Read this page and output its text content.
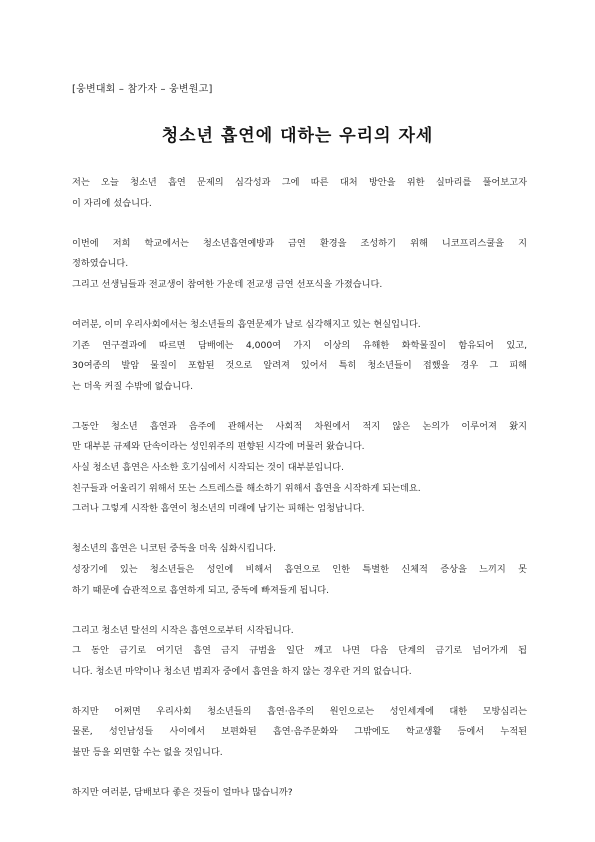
[웅변대회 – 참가자 – 웅변원고]
청소년 흡연에 대하는 우리의 자세
저는 오늘 청소년 흡연 문제의 심각성과 그에 따른 대처 방안을 위한 실마리를 풀어보고자
이 자리에 섰습니다.
이번에 저희 학교에서는 청소년흡연예방과 금연 환경을 조성하기 위해 니코프리스쿨을 지
정하였습니다.
그리고 선생님들과 전교생이 참여한 가운데 전교생 금연 선포식을 가졌습니다.
여러분, 이미 우리사회에서는 청소년들의 흡연문제가 날로 심각해지고 있는 현실입니다.
기존 연구결과에 따르면 담배에는 4,000여 가지 이상의 유해한 화학물질이 함유되어 있고,
30여종의 발암 물질이 포함된 것으로 알려져 있어서 특히 청소년들이 접했을 경우 그 피해
는 더욱 커질 수밖에 없습니다.
그동안 청소년 흡연과 음주에 관해서는 사회적 차원에서 적지 않은 논의가 이루어져 왔지
만 대부분 규제와 단속이라는 성인위주의 편향된 시각에 머물러 왔습니다.
사실 청소년 흡연은 사소한 호기심에서 시작되는 것이 대부분입니다.
친구들과 어울리기 위해서 또는 스트레스를 해소하기 위해서 흡연을 시작하게 되는데요.
그러나 그렇게 시작한 흡연이 청소년의 미래에 남기는 피해는 엄청납니다.
청소년의 흡연은 니코틴 중독을 더욱 심화시킵니다.
성장기에 있는 청소년들은 성인에 비해서 흡연으로 인한 특별한 신체적 증상을 느끼지 못
하기 때문에 습관적으로 흡연하게 되고, 중독에 빠져들게 됩니다.
그리고 청소년 탈선의 시작은 흡연으로부터 시작됩니다.
그 동안 금기로 여기던 흡연 금지 규범을 일단 깨고 나면 다음 단계의 금기로 넘어가게 됩
니다. 청소년 마약이나 청소년 범죄자 중에서 흡연을 하지 않는 경우란 거의 없습니다.
하지만 어쩌면 우리사회 청소년들의 흡연·음주의 원인으로는 성인세계에 대한 모방심리는
물론, 성인남성들 사이에서 보편화된 흡연·음주문화와 그밖에도 학교생활 등에서 누적된
불만 등을 외면할 수는 없을 것입니다.
하지만 여러분, 담배보다 좋은 것들이 얼마나 많습니까?
